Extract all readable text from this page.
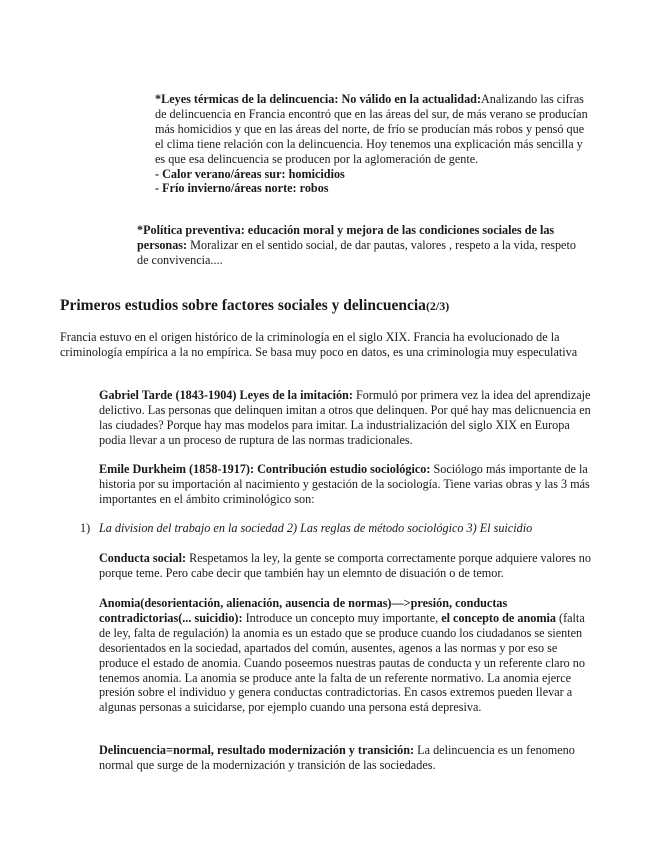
*Leyes térmicas de la delincuencia: No válido en la actualidad:Analizando las cifras de delincuencia en Francia encontró que en las áreas del sur, de más verano se producían más homicidios y que en las áreas del norte, de frío se producían más robos y pensó que el clima tiene relación con la delincuencia. Hoy tenemos una explicación más sencilla y es que esa delincuencia se producen por la aglomeración de gente.

- Calor verano/áreas sur: homicidios

- Frío invierno/áreas norte: robos

*Política preventiva: educación moral y mejora de las condiciones sociales de las personas: Moralizar en el sentido social, de dar pautas, valores , respeto a la vida, respeto de convivencia....

Primeros estudios sobre factores sociales y delincuencia(2/3)

Francia estuvo en el origen histórico de la criminología en el siglo XIX. Francia ha evolucionado de la criminología empírica a la no empírica. Se basa muy poco en datos, es una criminologia muy especulativa

Gabriel Tarde (1843-1904) Leyes de la imitación: Formuló por primera vez la idea del aprendizaje delictivo. Las personas que delinquen imitan a otros que delinquen. Por qué hay mas delicnuencia en las ciudades? Porque hay mas modelos para imitar. La industrialización del siglo XIX en Europa podia llevar a un proceso de ruptura de las normas tradicionales.

Emile Durkheim (1858-1917): Contribución estudio sociológico: Sociólogo más importante de la historia por su importación al nacimiento y gestación de la sociología. Tiene varias obras y las 3 más importantes en el ámbito criminológico son:

1) La division del trabajo en la sociedad 2) Las reglas de método sociológico 3) El suicidio

Conducta social: Respetamos la ley, la gente se comporta correctamente porque adquiere valores no porque teme. Pero cabe decir que también hay un elemnto de disuación o de temor.

Anomia(desorientación, alienación, ausencia de normas)—>presión, conductas contradictorias(... suicidio): Introduce un concepto muy importante, el concepto de anomia (falta de ley, falta de regulación) la anomia es un estado que se produce cuando los ciudadanos se sienten desorientados en la sociedad, apartados del común, ausentes, agenos a las normas y por eso se produce el estado de anomia. Cuando poseemos nuestras pautas de conducta y un referente claro no tenemos anomia. La anomia se produce ante la falta de un referente normativo. La anomia ejerce presión sobre el individuo y genera conductas contradictorias. En casos extremos pueden llevar a algunas personas a suicidarse, por ejemplo cuando una persona está depresiva.

Delincuencia=normal, resultado modernización y transición: La delincuencia es un fenomeno normal que surge de la modernización y transición de las sociedades.
